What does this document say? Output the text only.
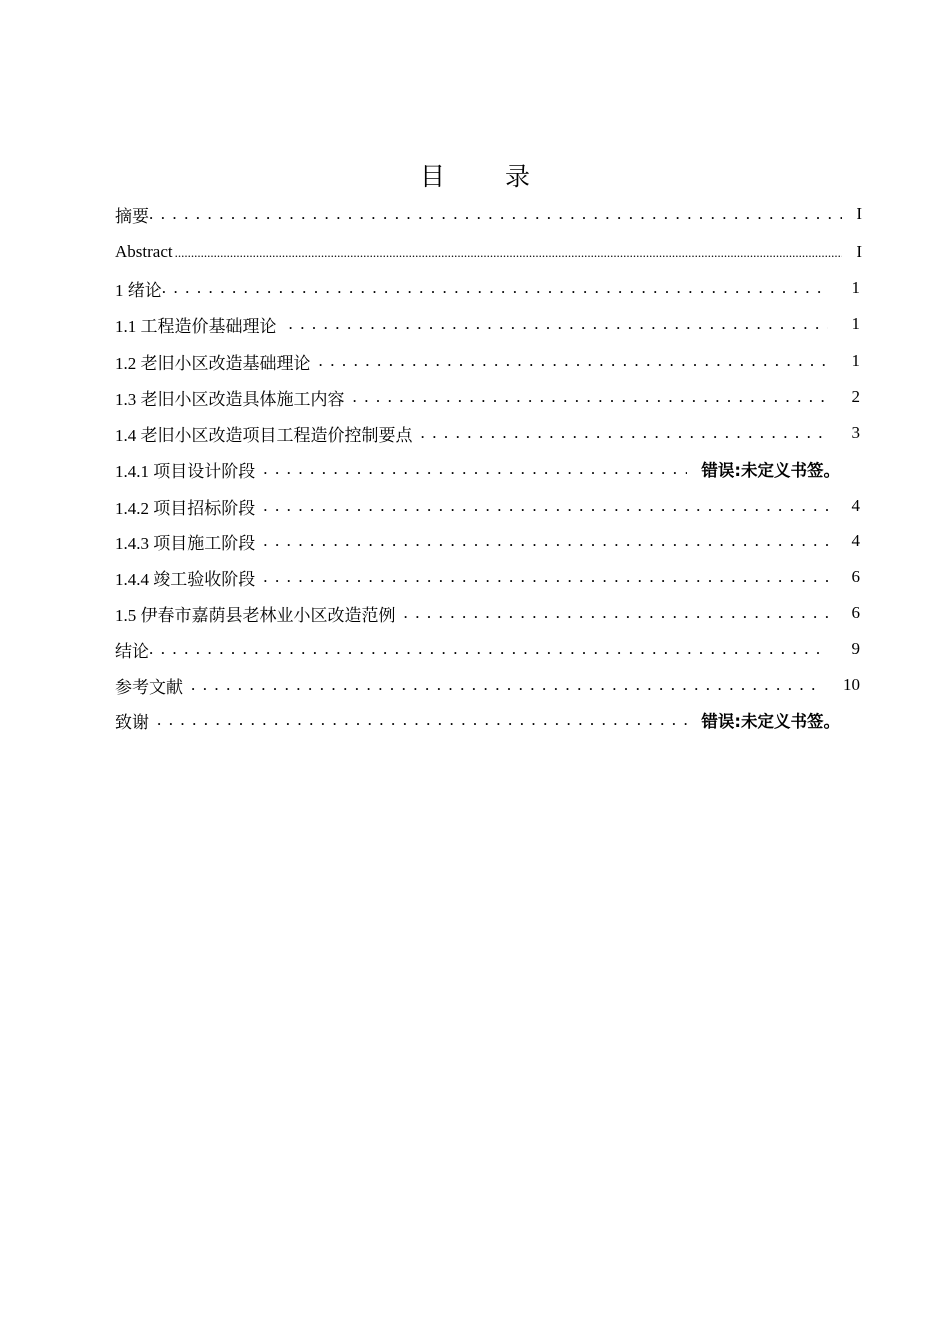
目 录
摘要 . . .	I
Abstract .....	I
1 绪论 . . .	1
1.1 工程造价基础理论 . . .	1
1.2 老旧小区改造基础理论 . . .	1
1.3 老旧小区改造具体施工内容 . . .	2
1.4 老旧小区改造项目工程造价控制要点 . . .	3
1.4.1 项目设计阶段 . . .	错误:未定义书签。
1.4.2 项目招标阶段 . . .	4
1.4.3 项目施工阶段 . . .	4
1.4.4 竣工验收阶段 . . .	6
1.5 伊春市嘉荫县老林业小区改造范例 . . .	6
结论 . . .	9
参考文献 . . .	10
致谢 . . .	错误:未定义书签。
